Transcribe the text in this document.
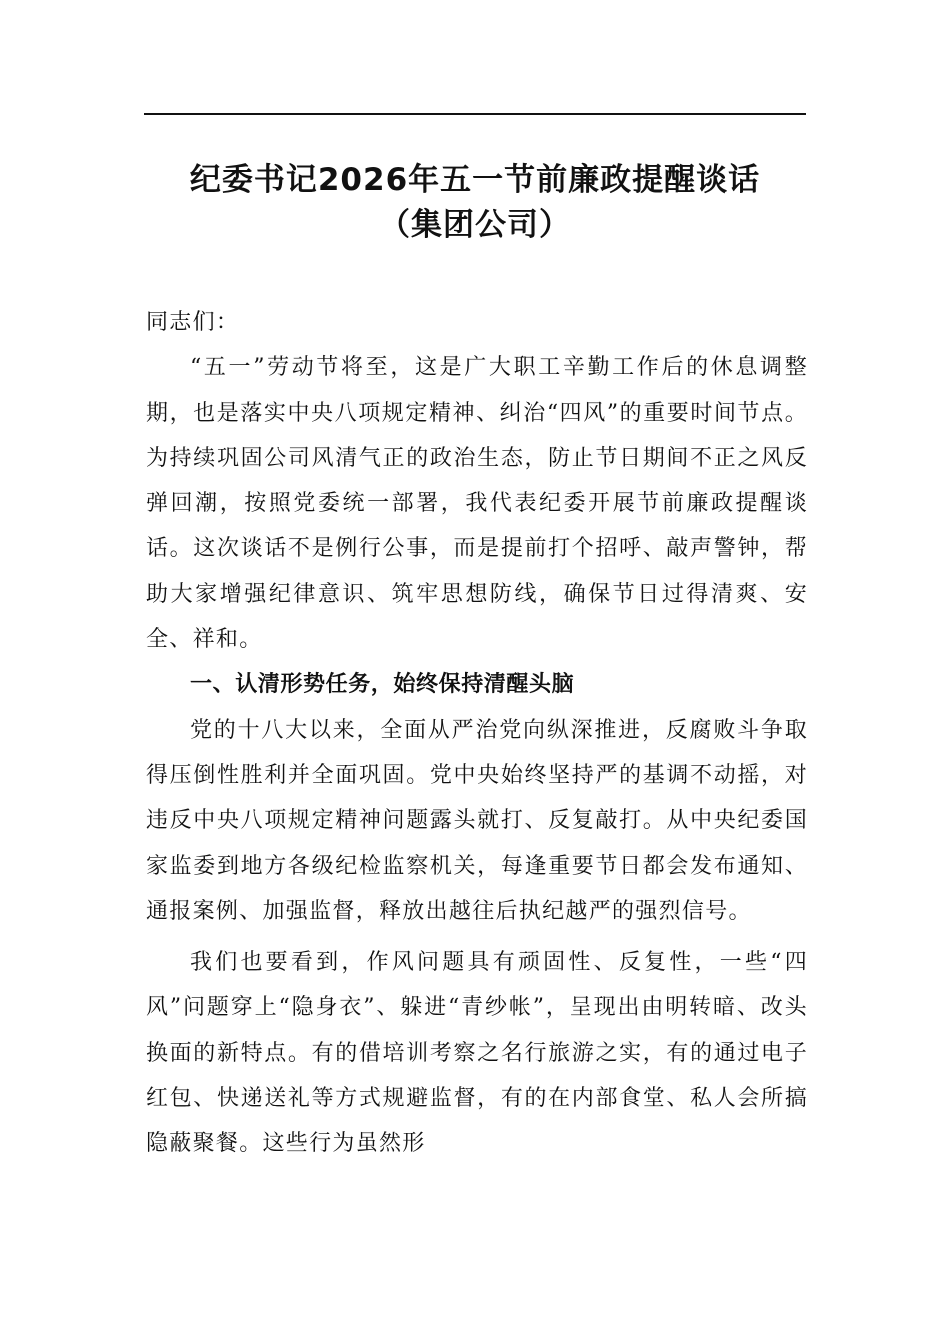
纪委书记2026年五一节前廉政提醒谈话
（集团公司）

同志们：

“五一”劳动节将至，这是广大职工辛勤工作后的休息调整期，也是落实中央八项规定精神、纠治“四风”的重要时间节点。为持续巩固公司风清气正的政治生态，防止节日期间不正之风反弹回潮，按照党委统一部署，我代表纪委开展节前廉政提醒谈话。这次谈话不是例行公事，而是提前打个招呼、敲声警钟，帮助大家增强纪律意识、筑牢思想防线，确保节日过得清爽、安全、祥和。

一、认清形势任务，始终保持清醒头脑

党的十八大以来，全面从严治党向纵深推进，反腐败斗争取得压倒性胜利并全面巩固。党中央始终坚持严的基调不动摇，对违反中央八项规定精神问题露头就打、反复敲打。从中央纪委国家监委到地方各级纪检监察机关，每逢重要节日都会发布通知、通报案例、加强监督，释放出越往后执纪越严的强烈信号。

我们也要看到，作风问题具有顽固性、反复性，一些“四风”问题穿上“隐身衣”、躲进“青纱帐”，呈现出由明转暗、改头换面的新特点。有的借培训考察之名行旅游之实，有的通过电子红包、快递送礼等方式规避监督，有的在内部食堂、私人会所搞隐蔽聚餐。这些行为虽然形
